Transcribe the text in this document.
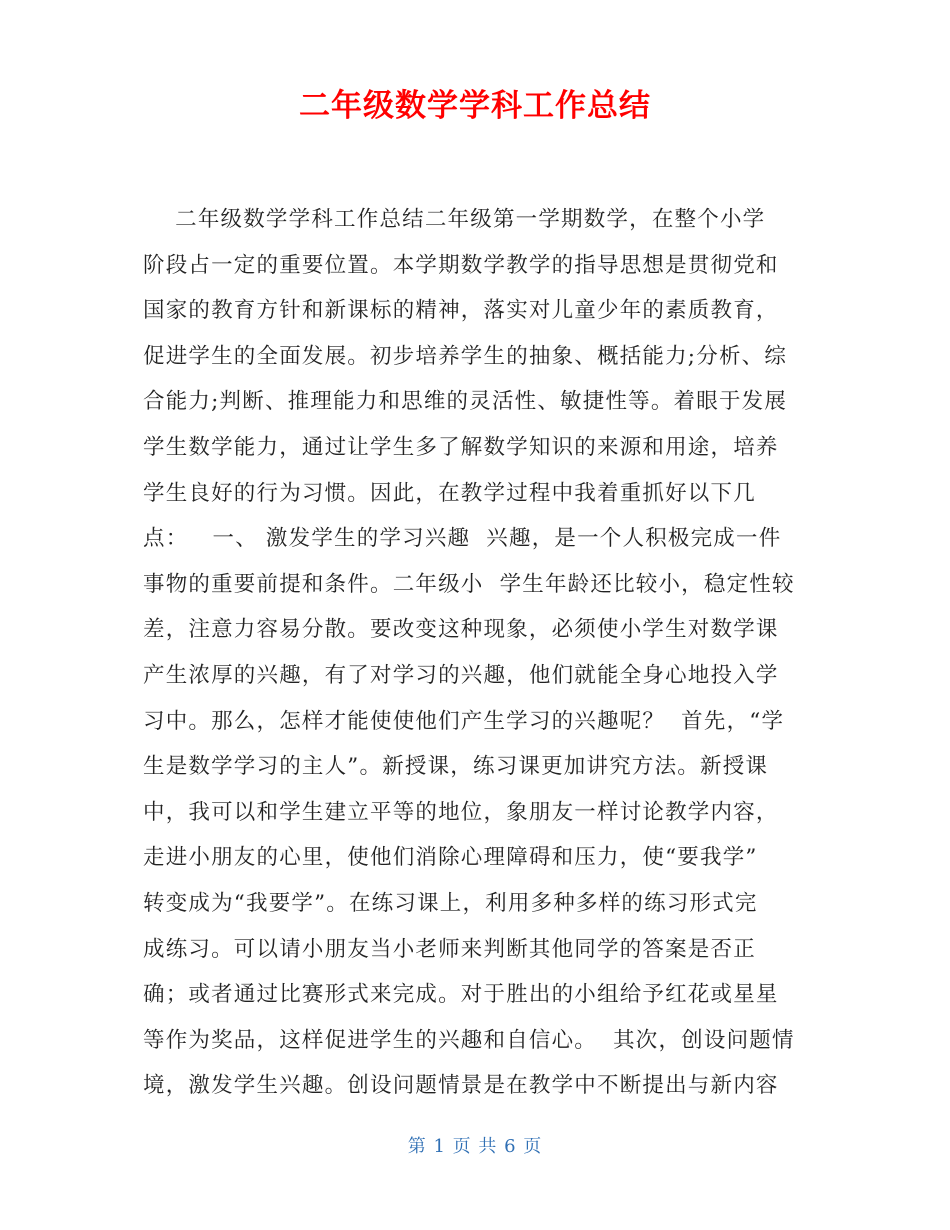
二年级数学学科工作总结
二年级数学学科工作总结二年级第一学期数学，在整个小学
阶段占一定的重要位置。本学期数学教学的指导思想是贯彻党和
国家的教育方针和新课标的精神，落实对儿童少年的素质教育，
促进学生的全面发展。初步培养学生的抽象、概括能力;分析、综
合能力;判断、推理能力和思维的灵活性、敏捷性等。着眼于发展
学生数学能力，通过让学生多了解数学知识的来源和用途，培养
学生良好的行为习惯。因此，在教学过程中我着重抓好以下几
点：   一、 激发学生的学习兴趣  兴趣，是一个人积极完成一件
事物的重要前提和条件。二年级小  学生年龄还比较小，稳定性较
差，注意力容易分散。要改变这种现象，必须使小学生对数学课
产生浓厚的兴趣，有了对学习的兴趣，他们就能全身心地投入学
习中。那么，怎样才能使使他们产生学习的兴趣呢？  首先，“学
生是数学学习的主人”。新授课，练习课更加讲究方法。新授课
中，我可以和学生建立平等的地位，象朋友一样讨论教学内容，
走进小朋友的心里，使他们消除心理障碍和压力，使“要我学”
转变成为“我要学”。在练习课上，利用多种多样的练习形式完
成练习。可以请小朋友当小老师来判断其他同学的答案是否正
确；或者通过比赛形式来完成。对于胜出的小组给予红花或星星
等作为奖品，这样促进学生的兴趣和自信心。  其次，创设问题情
境，激发学生兴趣。创设问题情景是在教学中不断提出与新内容
第 1 页 共 6 页
